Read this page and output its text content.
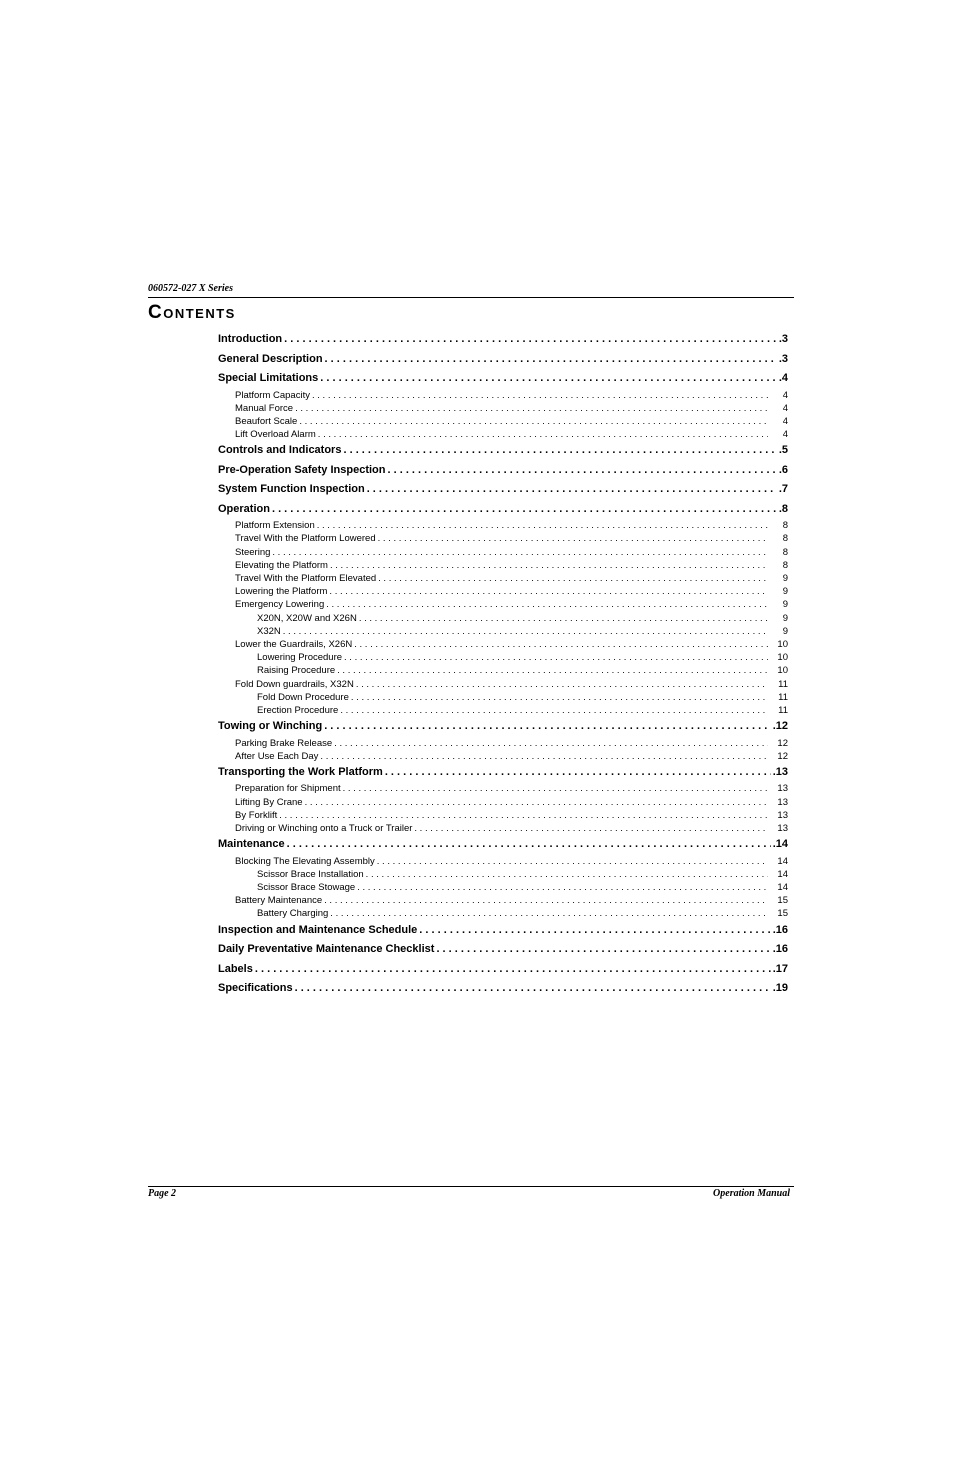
060572-027 X Series
Contents
Introduction . . .	.3
General Description . . .	.3
Special Limitations . . .	.4
Platform Capacity . . .	4
Manual Force . . .	4
Beaufort Scale . . .	4
Lift Overload Alarm . . .	4
Controls and Indicators . . .	.5
Pre-Operation Safety Inspection . . .	.6
System Function Inspection . . .	.7
Operation . . .	.8
Platform Extension . . .	8
Travel With the Platform Lowered . . .	8
Steering . . .	8
Elevating the Platform . . .	8
Travel With the Platform Elevated . . .	9
Lowering the Platform . . .	9
Emergency Lowering . . .	9
X20N, X20W and X26N . . .	9
X32N . . .	9
Lower the Guardrails, X26N . . .	10
Lowering Procedure . . .	10
Raising Procedure . . .	10
Fold Down guardrails, X32N . . .	11
Fold Down Procedure . . .	11
Erection Procedure . . .	11
Towing or Winching . . .	.12
Parking Brake Release . . .	12
After Use Each Day . . .	12
Transporting the Work Platform . . .	.13
Preparation for Shipment . . .	13
Lifting By Crane . . .	13
By Forklift . . .	13
Driving or Winching onto a Truck or Trailer . . .	13
Maintenance . . .	.14
Blocking The Elevating Assembly . . .	14
Scissor Brace Installation . . .	14
Scissor Brace Stowage . . .	14
Battery Maintenance . . .	15
Battery Charging . . .	15
Inspection and Maintenance Schedule . . .	.16
Daily Preventative Maintenance Checklist . . .	.16
Labels . . .	.17
Specifications . . .	.19
Page 2	Operation Manual
